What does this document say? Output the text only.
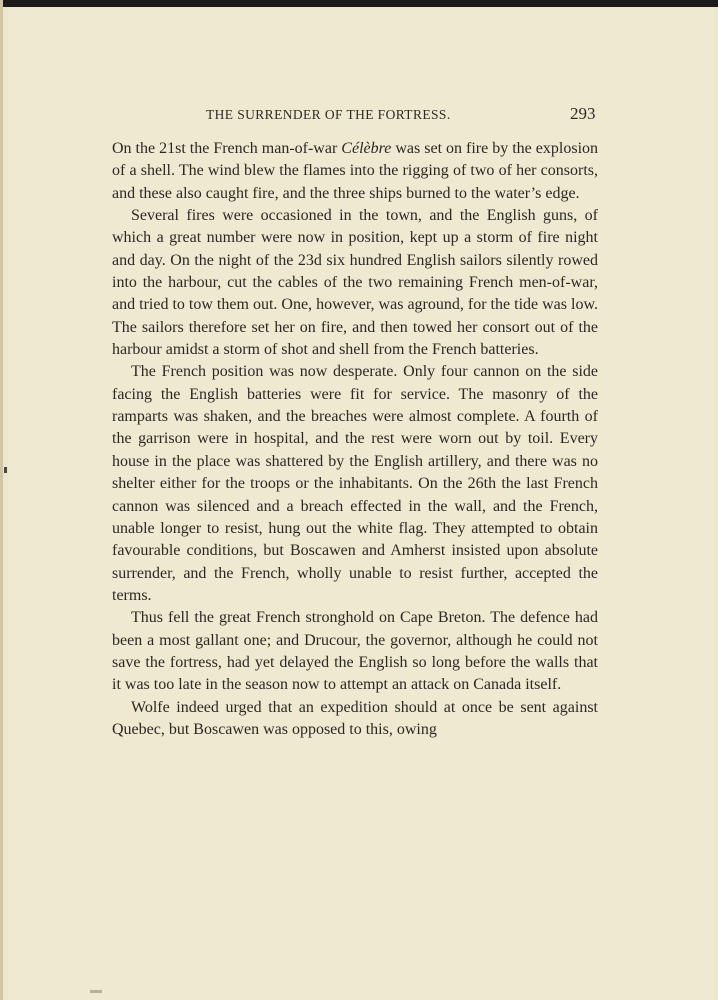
THE SURRENDER OF THE FORTRESS.	293

On the 21st the French man-of-war Célèbre was set on fire by the explosion of a shell. The wind blew the flames into the rigging of two of her consorts, and these also caught fire, and the three ships burned to the water’s edge.

Several fires were occasioned in the town, and the English guns, of which a great number were now in position, kept up a storm of fire night and day. On the night of the 23d six hundred English sailors silently rowed into the harbour, cut the cables of the two remaining French men-of-war, and tried to tow them out. One, however, was aground, for the tide was low. The sailors therefore set her on fire, and then towed her consort out of the harbour amidst a storm of shot and shell from the French batteries.

The French position was now desperate. Only four cannon on the side facing the English batteries were fit for service. The masonry of the ramparts was shaken, and the breaches were almost complete. A fourth of the garrison were in hospital, and the rest were worn out by toil. Every house in the place was shattered by the English artillery, and there was no shelter either for the troops or the inhabitants. On the 26th the last French cannon was silenced and a breach effected in the wall, and the French, unable longer to resist, hung out the white flag. They attempted to obtain favourable conditions, but Boscawen and Amherst insisted upon absolute surrender, and the French, wholly unable to resist further, accepted the terms.

Thus fell the great French stronghold on Cape Breton. The defence had been a most gallant one; and Drucour, the governor, although he could not save the fortress, had yet delayed the English so long before the walls that it was too late in the season now to attempt an attack on Canada itself.

Wolfe indeed urged that an expedition should at once be sent against Quebec, but Boscawen was opposed to this, owing
